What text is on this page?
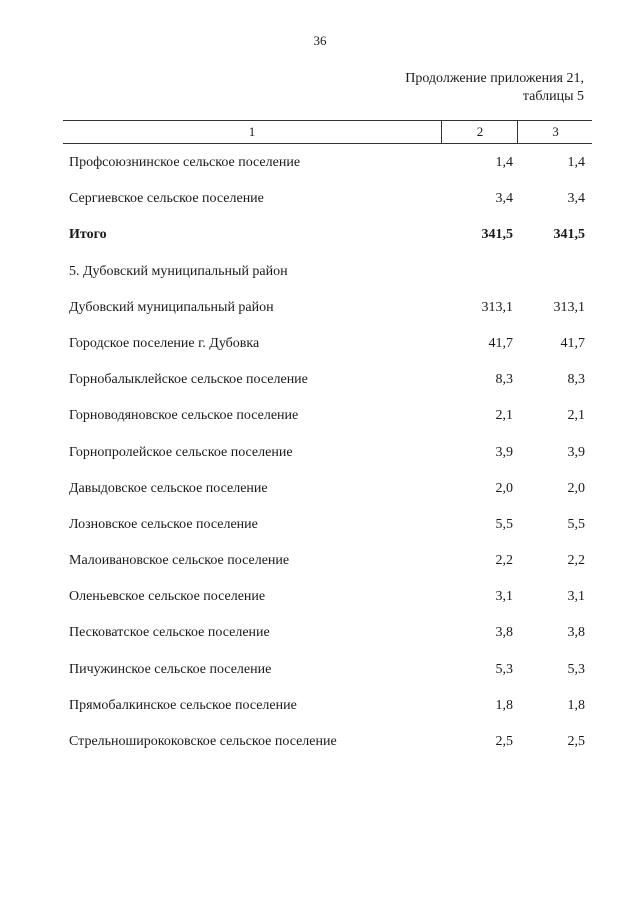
36
Продолжение приложения 21,
таблицы 5
1	2	3
Профсоюзнинское сельское поселение	1,4	1,4
Сергиевское сельское поселение	3,4	3,4
Итого	341,5	341,5
5. Дубовский муниципальный район
Дубовский муниципальный район	313,1	313,1
Городское поселение г. Дубовка	41,7	41,7
Горнобалыклейское сельское поселение	8,3	8,3
Горноводяновское сельское поселение	2,1	2,1
Горнопролейское сельское поселение	3,9	3,9
Давыдовское сельское поселение	2,0	2,0
Лозновское сельское поселение	5,5	5,5
Малоивановское сельское поселение	2,2	2,2
Оленьевское сельское поселение	3,1	3,1
Песковатское сельское поселение	3,8	3,8
Пичужинское сельское поселение	5,3	5,3
Прямобалкинское сельское поселение	1,8	1,8
Стрельноширококовское сельское поселение	2,5	2,5
